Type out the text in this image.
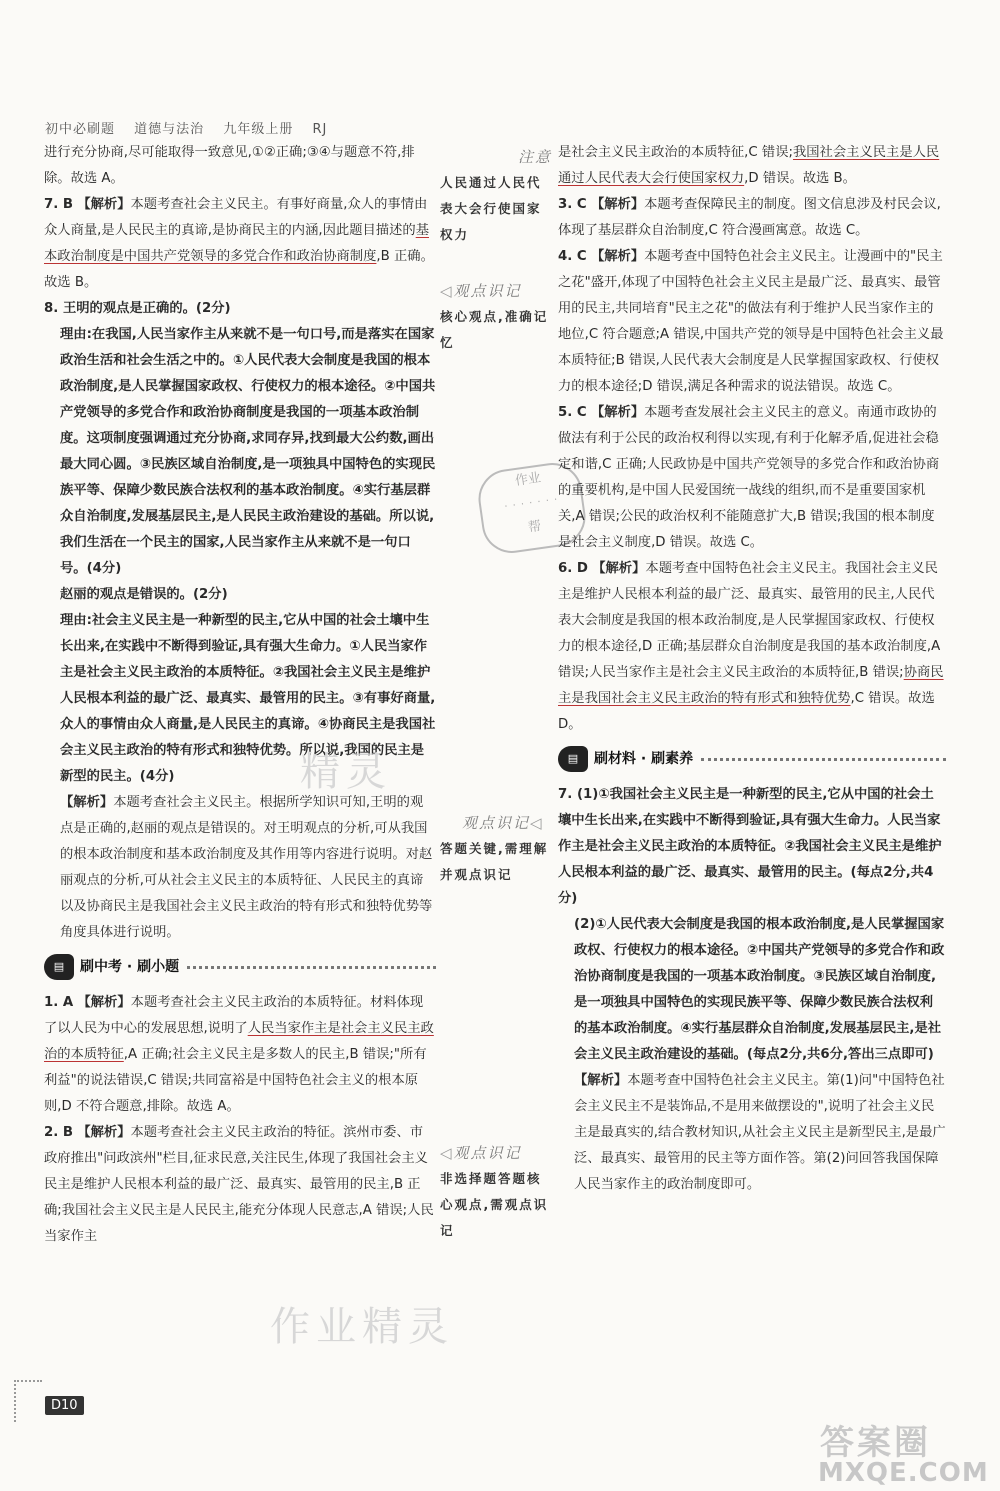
初中必刷题 道德与法治 九年级上册 RJ

进行充分协商,尽可能取得一致意见,①②正确;③④与题意不符,排除。故选 A。

7. B 【解析】本题考查社会主义民主。有事好商量,众人的事情由众人商量,是人民民主的真谛,是协商民主的内涵,因此题目描述的基本政治制度是中国共产党领导的多党合作和政治协商制度,B 正确。故选 B。

8. 王明的观点是正确的。(2分)

理由:在我国,人民当家作主从来就不是一句口号,而是落实在国家政治生活和社会生活之中的。①人民代表大会制度是我国的根本政治制度,是人民掌握国家政权、行使权力的根本途径。②中国共产党领导的多党合作和政治协商制度是我国的一项基本政治制度。这项制度强调通过充分协商,求同存异,找到最大公约数,画出最大同心圆。③民族区域自治制度,是一项独具中国特色的实现民族平等、保障少数民族合法权利的基本政治制度。④实行基层群众自治制度,发展基层民主,是人民民主政治建设的基础。所以说,我们生活在一个民主的国家,人民当家作主从来就不是一句口号。(4分)

赵丽的观点是错误的。(2分)

理由:社会主义民主是一种新型的民主,它从中国的社会土壤中生长出来,在实践中不断得到验证,具有强大生命力。①人民当家作主是社会主义民主政治的本质特征。②我国社会主义民主是维护人民根本利益的最广泛、最真实、最管用的民主。③有事好商量,众人的事情由众人商量,是人民民主的真谛。④协商民主是我国社会主义民主政治的特有形式和独特优势。所以说,我国的民主是新型的民主。(4分)

【解析】本题考查社会主义民主。根据所学知识可知,王明的观点是正确的,赵丽的观点是错误的。对王明观点的分析,可从我国的根本政治制度和基本政治制度及其作用等内容进行说明。对赵丽观点的分析,可从社会主义民主的本质特征、人民民主的真谛以及协商民主是我国社会主义民主政治的特有形式和独特优势等角度具体进行说明。

▤	刷中考 · 刷小题

1. A 【解析】本题考查社会主义民主政治的本质特征。材料体现了以人民为中心的发展思想,说明了人民当家作主是社会主义民主政治的本质特征,A 正确;社会主义民主是多数人的民主,B 错误;"所有利益"的说法错误,C 错误;共同富裕是中国特色社会主义的根本原则,D 不符合题意,排除。故选 A。

2. B 【解析】本题考查社会主义民主政治的特征。滨州市委、市政府推出"问政滨州"栏目,征求民意,关注民生,体现了我国社会主义民主是维护人民根本利益的最广泛、最真实、最管用的民主,B 正确;我国社会主义民主是人民民主,能充分体现人民意志,A 错误;人民当家作主

注意
人民通过人民代表大会行使国家权力
◁观点识记
核心观点,准确记忆
观点识记◁
答题关键,需理解并观点识记
◁观点识记
非选择题答题核心观点,需观点识记
作业
· · · · · · ·
帮

是社会主义民主政治的本质特征,C 错误;我国社会主义民主是人民通过人民代表大会行使国家权力,D 错误。故选 B。

3. C 【解析】本题考查保障民主的制度。图文信息涉及村民会议,体现了基层群众自治制度,C 符合漫画寓意。故选 C。

4. C 【解析】本题考查中国特色社会主义民主。让漫画中的"民主之花"盛开,体现了中国特色社会主义民主是最广泛、最真实、最管用的民主,共同培育"民主之花"的做法有利于维护人民当家作主的地位,C 符合题意;A 错误,中国共产党的领导是中国特色社会主义最本质特征;B 错误,人民代表大会制度是人民掌握国家政权、行使权力的根本途径;D 错误,满足各种需求的说法错误。故选 C。

5. C 【解析】本题考查发展社会主义民主的意义。南通市政协的做法有利于公民的政治权利得以实现,有利于化解矛盾,促进社会稳定和谐,C 正确;人民政协是中国共产党领导的多党合作和政治协商的重要机构,是中国人民爱国统一战线的组织,而不是重要国家机关,A 错误;公民的政治权利不能随意扩大,B 错误;我国的根本制度是社会主义制度,D 错误。故选 C。

6. D 【解析】本题考查中国特色社会主义民主。我国社会主义民主是维护人民根本利益的最广泛、最真实、最管用的民主,人民代表大会制度是我国的根本政治制度,是人民掌握国家政权、行使权力的根本途径,D 正确;基层群众自治制度是我国的基本政治制度,A 错误;人民当家作主是社会主义民主政治的本质特征,B 错误;协商民主是我国社会主义民主政治的特有形式和独特优势,C 错误。故选 D。

▤	刷材料 · 刷素养

7. (1)①我国社会主义民主是一种新型的民主,它从中国的社会土壤中生长出来,在实践中不断得到验证,具有强大生命力。人民当家作主是社会主义民主政治的本质特征。②我国社会主义民主是维护人民根本利益的最广泛、最真实、最管用的民主。(每点2分,共4分)

(2)①人民代表大会制度是我国的根本政治制度,是人民掌握国家政权、行使权力的根本途径。②中国共产党领导的多党合作和政治协商制度是我国的一项基本政治制度。③民族区域自治制度,是一项独具中国特色的实现民族平等、保障少数民族合法权利的基本政治制度。④实行基层群众自治制度,发展基层民主,是社会主义民主政治建设的基础。(每点2分,共6分,答出三点即可)

【解析】本题考查中国特色社会主义民主。第(1)问"中国特色社会主义民主不是装饰品,不是用来做摆设的",说明了社会主义民主是最真实的,结合教材知识,从社会主义民主是新型民主,是最广泛、最真实、最管用的民主等方面作答。第(2)问回答我国保障人民当家作主的政治制度即可。

精灵
作业精灵
D10
答案圈
MXQE.COM
